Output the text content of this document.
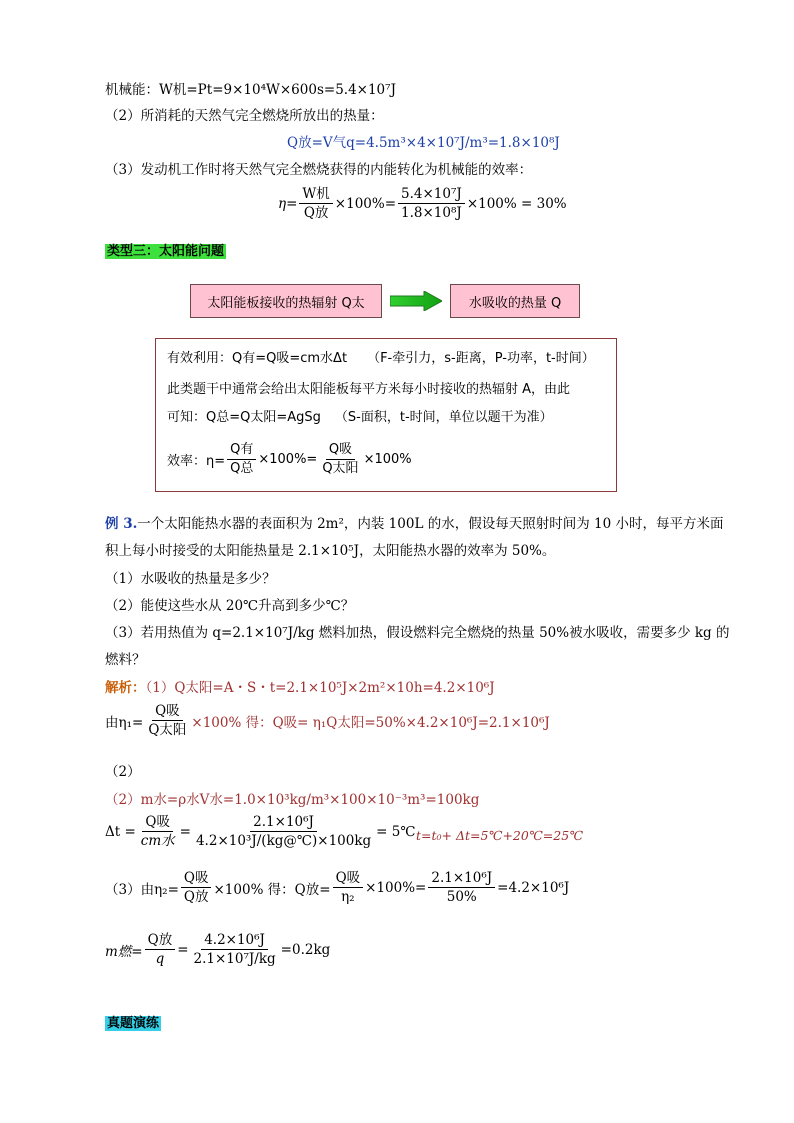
机械能：W机=Pt=9×10⁴W×600s=5.4×10⁷J
（2）所消耗的天然气完全燃烧所放出的热量：
Q放=V气q=4.5m³×4×10⁷J/m³=1.8×10⁸J
（3）发动机工作时将天然气完全燃烧获得的内能转化为机械能的效率：
$\eta= \frac{\text{W机}}{\text{Q放}} \times 100\%= \frac{\text{5.4×10⁷J}}{\text{1.8×10⁸J}} \times 100\% = 30\%$
类型三：太阳能问题
太阳能板接收的热辐射 Q太	水吸收的热量 Q
有效利用：Q有=Q吸=cm水Δt （F-牵引力，s-距离，P-功率，t-时间）
此类题干中通常会给出太阳能板每平方米每小时接收的热辐射 A，由此
可知：Q总=Q太阳=AgSg （S-面积，t-时间，单位以题干为准）
效率：$\eta= \frac{\text{Q有}}{\text{Q总}} \times 100\%= \frac{\text{Q吸}}{\text{Q太阳}} \times 100\%$
例 3.一个太阳能热水器的表面积为 2m²，内装 100L 的水，假设每天照射时间为 10 小时，每平方米面
积上每小时接受的太阳能热量是 2.1×10⁵J，太阳能热水器的效率为 50%。
（1）水吸收的热量是多少？
（2）能使这些水从 20℃升高到多少℃？
（3）若用热值为 q=2.1×10⁷J/kg 燃料加热，假设燃料完全燃烧的热量 50%被水吸收，需要多少 kg 的
燃料？
解析：（1）Q太阳=A・S・t=2.1×10⁵J×2m²×10h=4.2×10⁶J
由$\eta_1= \frac{\text{Q吸}}{\text{Q太阳}} \times 100\%$ 得：Q吸= η₁Q太阳=50%×4.2×10⁶J=2.1×10⁶J
（2）
（2）m水=ρ水V水=1.0×10³kg/m³×100×10⁻³m³=100kg
$\Delta t = \frac{\text{Q吸}}{\text{cm水}} = \frac{\text{2.1×10⁶J}}{\text{4.2×10³J/(kg@℃)×100kg}}$ = 5℃ t=t₀+ Δt=5℃+20℃=25℃
（3）由$\eta_2= \frac{\text{Q吸}}{\text{Q放}} \times 100\%$ 得：Q放= $\frac{\text{Q吸}}{\text{η₂}} \times 100\%= \frac{\text{2.1×10⁶J}}{50\%} =4.2\times 10^6J$
m燃= $\frac{\text{Q放}}{q} = \frac{\text{4.2×10⁶J}}{\text{2.1×10⁷J/kg}} =0.2kg$
真题演练
